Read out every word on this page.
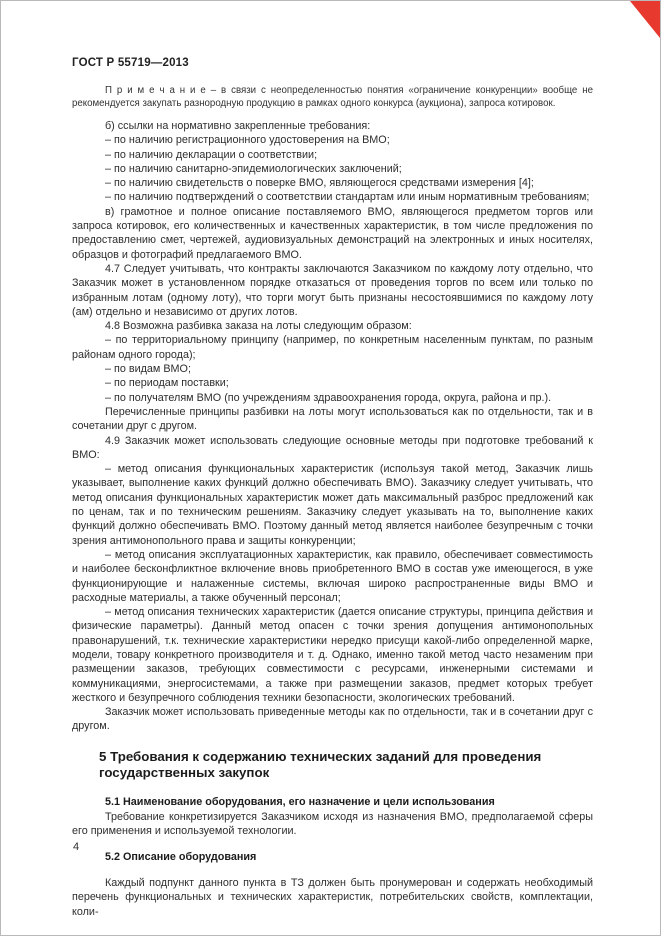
ГОСТ Р 55719—2013

П р и м е ч а н и е – в связи с неопределенностью понятия «ограничение конкуренции» вообще не рекомендуется закупать разнородную продукцию в рамках одного конкурса (аукциона), запроса котировок.

б) ссылки на нормативно закрепленные требования:

– по наличию регистрационного удостоверения на ВМО;

– по наличию декларации о соответствии;

– по наличию санитарно-эпидемиологических заключений;

– по наличию свидетельств о поверке ВМО, являющегося средствами измерения [4];

– по наличию подтверждений о соответствии стандартам или иным нормативным требованиям;

в) грамотное и полное описание поставляемого ВМО, являющегося предметом торгов или запроса котировок, его количественных и качественных характеристик, в том числе предложения по предоставлению смет, чертежей, аудиовизуальных демонстраций на электронных и иных носителях, образцов и фотографий предлагаемого ВМО.

4.7 Следует учитывать, что контракты заключаются Заказчиком по каждому лоту отдельно, что Заказчик может в установленном порядке отказаться от проведения торгов по всем или только по избранным лотам (одному лоту), что торги могут быть признаны несостоявшимися по каждому лоту (ам) отдельно и независимо от других лотов.

4.8 Возможна разбивка заказа на лоты следующим образом:

– по территориальному принципу (например, по конкретным населенным пунктам, по разным районам одного города);

– по видам ВМО;

– по периодам поставки;

– по получателям ВМО (по учреждениям здравоохранения города, округа, района и пр.).

Перечисленные принципы разбивки на лоты могут использоваться как по отдельности, так и в сочетании друг с другом.

4.9 Заказчик может использовать следующие основные методы при подготовке требований к ВМО:

– метод описания функциональных характеристик (используя такой метод, Заказчик лишь указывает, выполнение каких функций должно обеспечивать ВМО). Заказчику следует учитывать, что метод описания функциональных характеристик может дать максимальный разброс предложений как по ценам, так и по техническим решениям. Заказчику следует указывать на то, выполнение каких функций должно обеспечивать ВМО. Поэтому данный метод является наиболее безупречным с точки зрения антимонопольного права и защиты конкуренции;

– метод описания эксплуатационных характеристик, как правило, обеспечивает совместимость и наиболее бесконфликтное включение вновь приобретенного ВМО в состав уже имеющегося, в уже функционирующие и налаженные системы, включая широко распространенные виды ВМО и расходные материалы, а также обученный персонал;

– метод описания технических характеристик (дается описание структуры, принципа действия и физические параметры). Данный метод опасен с точки зрения допущения антимонопольных правонарушений, т.к. технические характеристики нередко присущи какой-либо определенной марке, модели, товару конкретного производителя и т. д. Однако, именно такой метод часто незаменим при размещении заказов, требующих совместимости с ресурсами, инженерными системами и коммуникациями, энергосистемами, а также при размещении заказов, предмет которых требует жесткого и безупречного соблюдения техники безопасности, экологических требований.

Заказчик может использовать приведенные методы как по отдельности, так и в сочетании друг с другом.

5 Требования к содержанию технических заданий для проведения государственных закупок
5.1 Наименование оборудования, его назначение и цели использования

Требование конкретизируется Заказчиком исходя из назначения ВМО, предполагаемой сферы его применения и используемой технологии.

5.2 Описание оборудования

Каждый подпункт данного пункта в ТЗ должен быть пронумерован и содержать необходимый перечень функциональных и технических характеристик, потребительских свойств, комплектации, коли-

4
